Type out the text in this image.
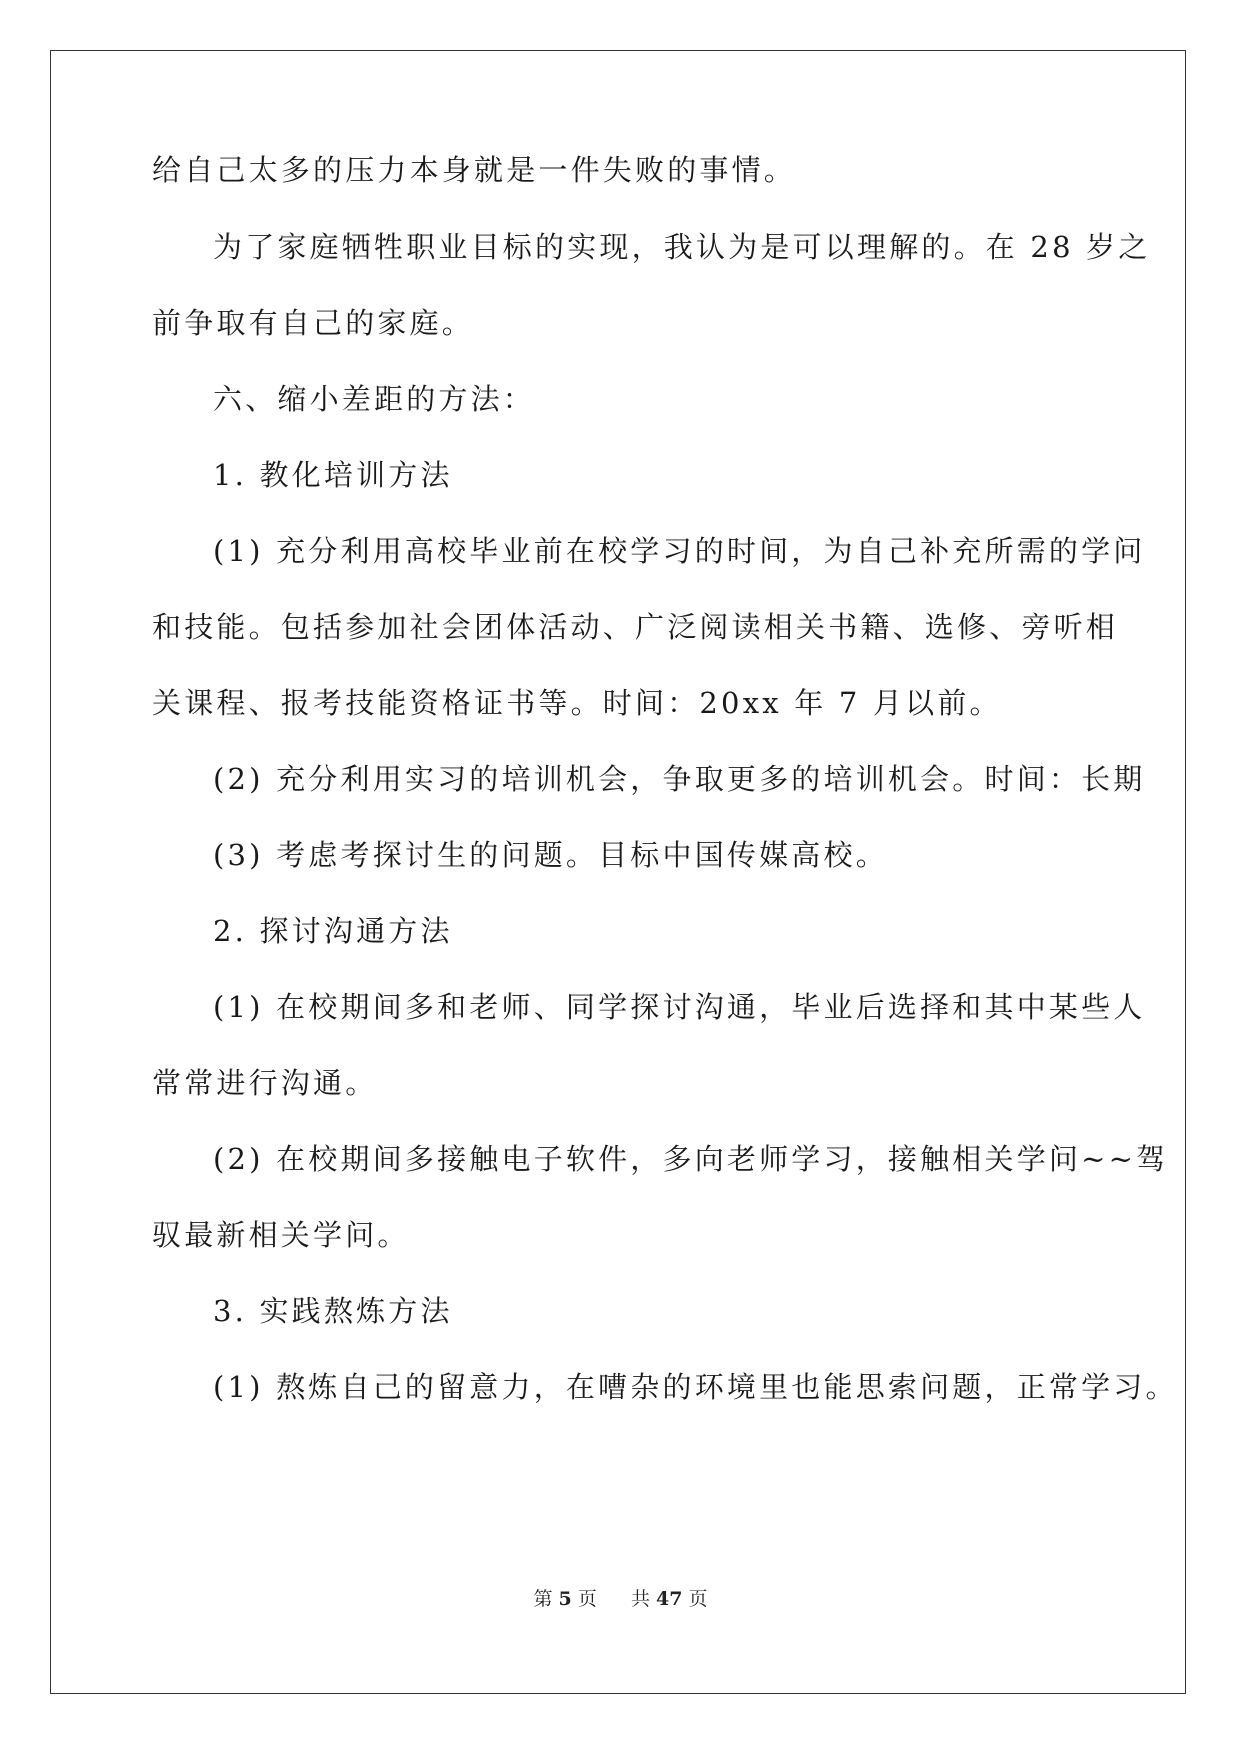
给自己太多的压力本身就是一件失败的事情。
为了家庭牺牲职业目标的实现，我认为是可以理解的。在 28 岁之
前争取有自己的家庭。
六、缩小差距的方法：
1. 教化培训方法
(1) 充分利用高校毕业前在校学习的时间，为自己补充所需的学问
和技能。包括参加社会团体活动、广泛阅读相关书籍、选修、旁听相
关课程、报考技能资格证书等。时间：20xx 年 7 月以前。
(2) 充分利用实习的培训机会，争取更多的培训机会。时间：长期
(3) 考虑考探讨生的问题。目标中国传媒高校。
2. 探讨沟通方法
(1) 在校期间多和老师、同学探讨沟通，毕业后选择和其中某些人
常常进行沟通。
(2) 在校期间多接触电子软件，多向老师学习，接触相关学问~~驾
驭最新相关学问。
3. 实践熬炼方法
(1) 熬炼自己的留意力，在嘈杂的环境里也能思索问题，正常学习。
第 5 页 共 47 页
